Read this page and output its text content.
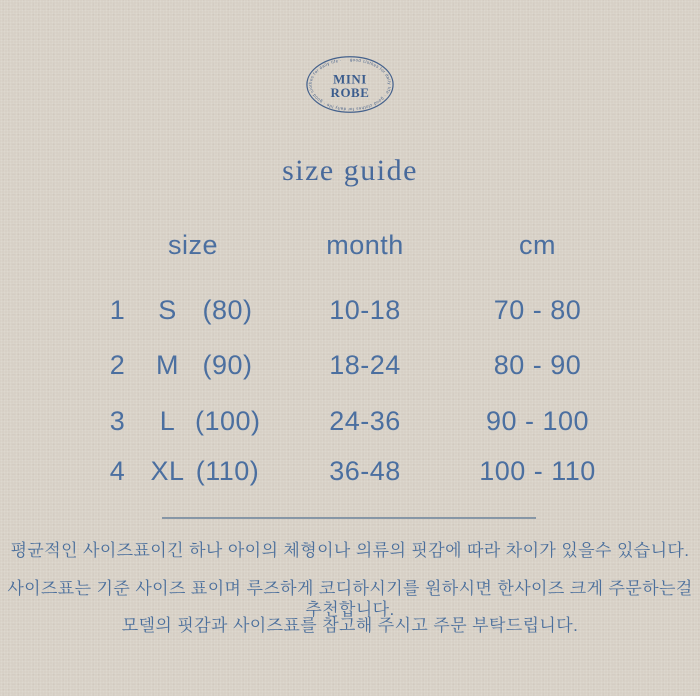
good clothes for daily life · good clothes for daily life · good clothes for daily life ·
MINI
ROBE
size guide
size	month	cm
1	S (80)	10-18	70 - 80
2	M (90)	18-24	80 - 90
3	L (100)	24-36	90 - 100
4 XL (110)	36-48	100 - 110

평균적인 사이즈표이긴 하나 아이의 체형이나 의류의 핏감에 따라 차이가 있을수 있습니다.

사이즈표는 기준 사이즈 표이며 루즈하게 코디하시기를 원하시면 한사이즈 크게 주문하는걸 추천합니다.

모델의 핏감과 사이즈표를 참고해 주시고 주문 부탁드립니다.
